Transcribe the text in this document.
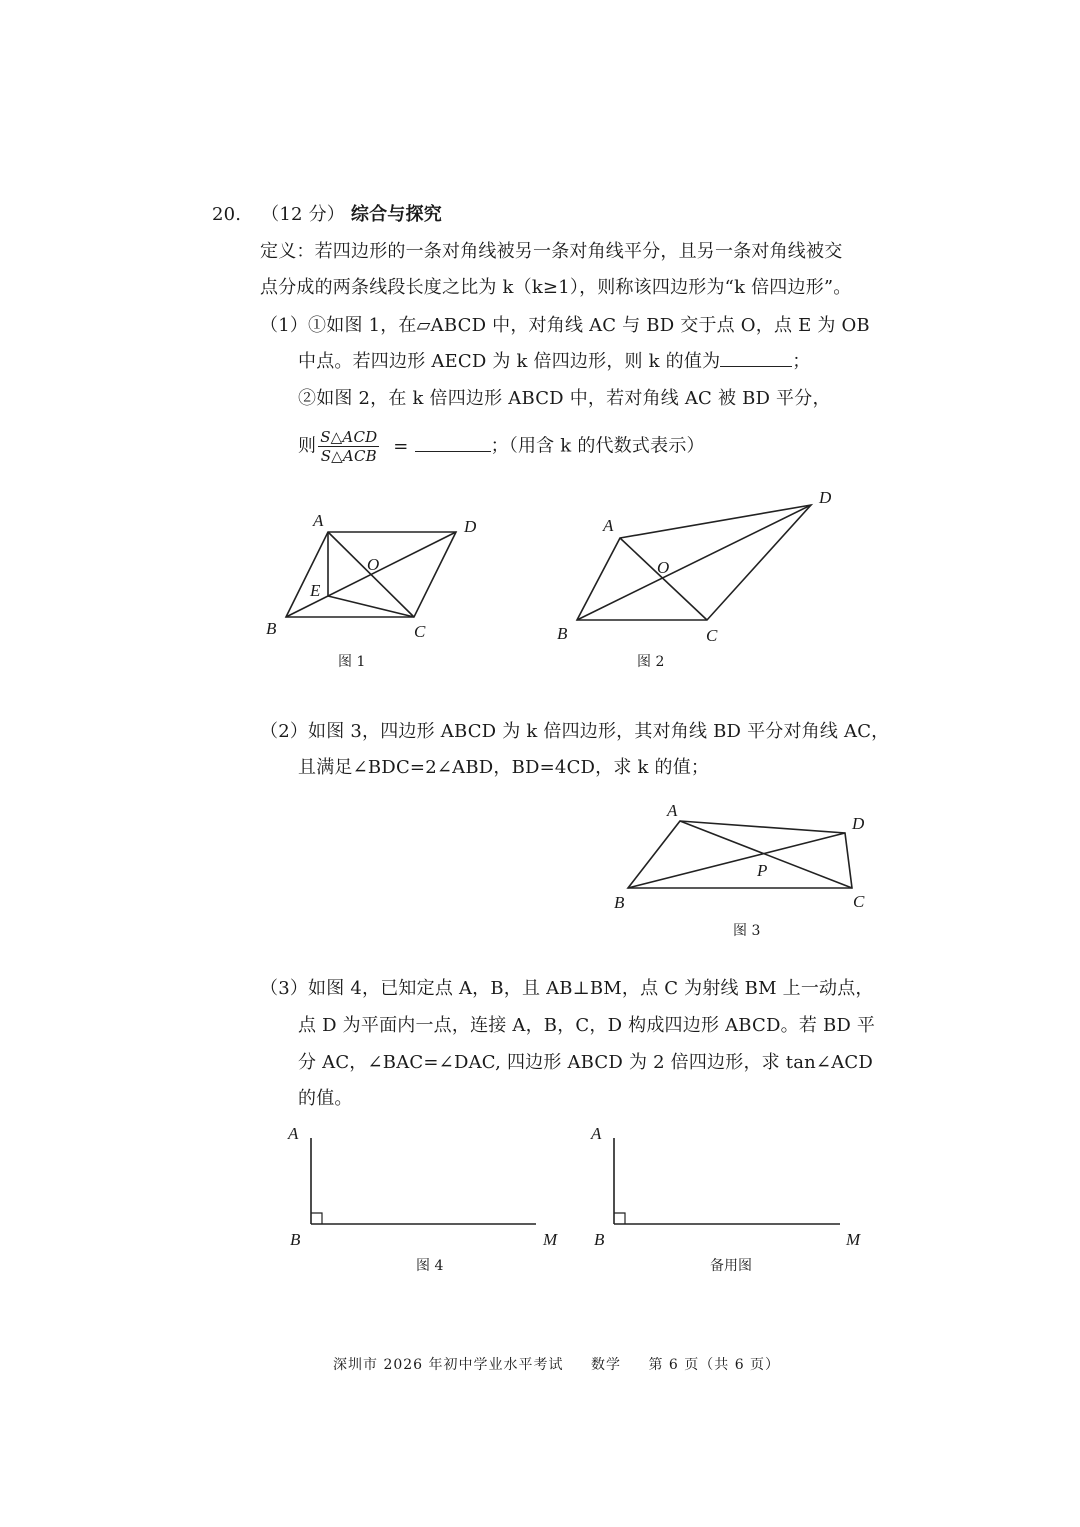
20. （12 分） 综合与探究
定义：若四边形的一条对角线被另一条对角线平分，且另一条对角线被交
点分成的两条线段长度之比为 k（k≥1），则称该四边形为“k 倍四边形”。
（1）①如图 1，在▱ABCD 中，对角线 AC 与 BD 交于点 O，点 E 为 OB
中点。若四边形 AECD 为 k 倍四边形，则 k 的值为	；
②如图 2，在 k 倍四边形 ABCD 中，若对角线 AC 被 BD 平分，
则 $\frac{\text{S△ACD}}{\text{S△ACB}}$ =	；（用含 k 的代数式表示）
（2）如图 3，四边形 ABCD 为 k 倍四边形，其对角线 BD 平分对角线 AC，
且满足∠BDC=2∠ABD，BD=4CD，求 k 的值；
（3）如图 4，已知定点 A，B，且 AB⊥BM，点 C 为射线 BM 上一动点，
点 D 为平面内一点，连接 A，B，C，D 构成四边形 ABCD。若 BD 平
分 AC，∠BAC=∠DAC, 四边形 ABCD 为 2 倍四边形，求 tan∠ACD
的值。
A	D
O
E
B	C
图 1
A
D
O
B	C
图 2
A
D
P
B	C
图 3
A
B	M
图 4
A
B	M
备用图
深圳市 2026 年初中学业水平考试 数学 第 6 页（共 6 页）
